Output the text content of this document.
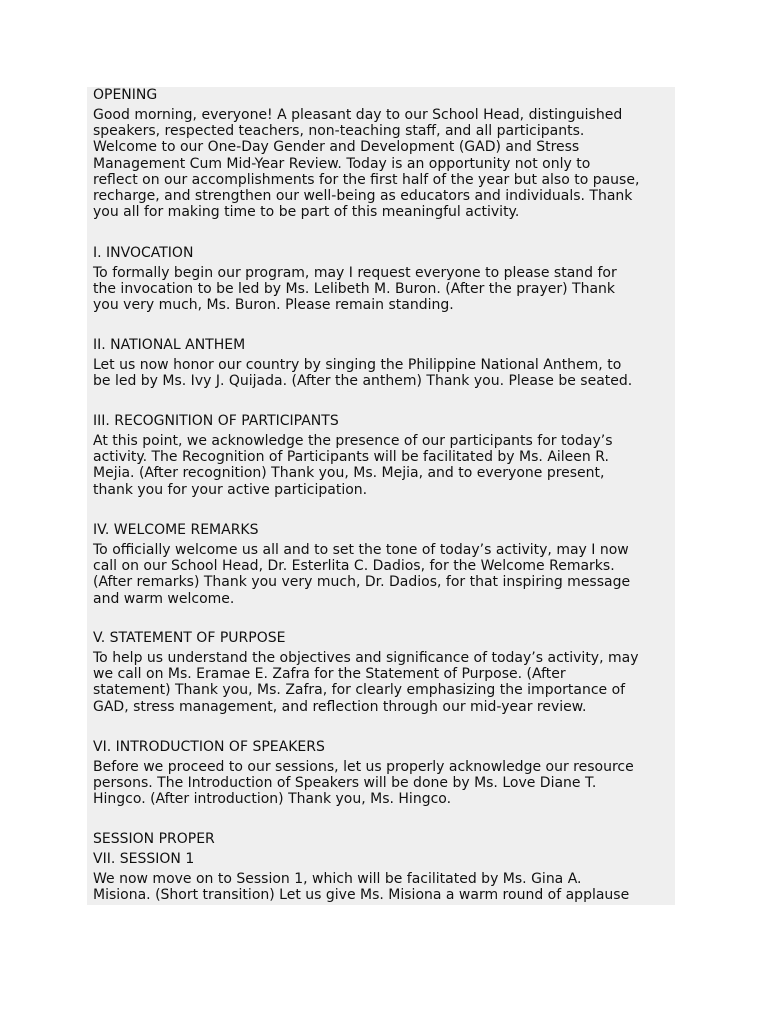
OPENING

Good morning, everyone! A pleasant day to our School Head, distinguished

speakers, respected teachers, non-teaching staff, and all participants.

Welcome to our One-Day Gender and Development (GAD) and Stress

Management Cum Mid-Year Review. Today is an opportunity not only to

reflect on our accomplishments for the first half of the year but also to pause,

recharge, and strengthen our well-being as educators and individuals. Thank

you all for making time to be part of this meaningful activity.

I. INVOCATION

To formally begin our program, may I request everyone to please stand for

the invocation to be led by Ms. Lelibeth M. Buron. (After the prayer) Thank

you very much, Ms. Buron. Please remain standing.

II. NATIONAL ANTHEM

Let us now honor our country by singing the Philippine National Anthem, to

be led by Ms. Ivy J. Quijada. (After the anthem) Thank you. Please be seated.

III. RECOGNITION OF PARTICIPANTS

At this point, we acknowledge the presence of our participants for today’s

activity. The Recognition of Participants will be facilitated by Ms. Aileen R.

Mejia. (After recognition) Thank you, Ms. Mejia, and to everyone present,

thank you for your active participation.

IV. WELCOME REMARKS

To officially welcome us all and to set the tone of today’s activity, may I now

call on our School Head, Dr. Esterlita C. Dadios, for the Welcome Remarks.

(After remarks) Thank you very much, Dr. Dadios, for that inspiring message

and warm welcome.

V. STATEMENT OF PURPOSE

To help us understand the objectives and significance of today’s activity, may

we call on Ms. Eramae E. Zafra for the Statement of Purpose. (After

statement) Thank you, Ms. Zafra, for clearly emphasizing the importance of

GAD, stress management, and reflection through our mid-year review.

VI. INTRODUCTION OF SPEAKERS

Before we proceed to our sessions, let us properly acknowledge our resource

persons. The Introduction of Speakers will be done by Ms. Love Diane T.

Hingco. (After introduction) Thank you, Ms. Hingco.

SESSION PROPER

VII. SESSION 1

We now move on to Session 1, which will be facilitated by Ms. Gina A.

Misiona. (Short transition) Let us give Ms. Misiona a warm round of applause
